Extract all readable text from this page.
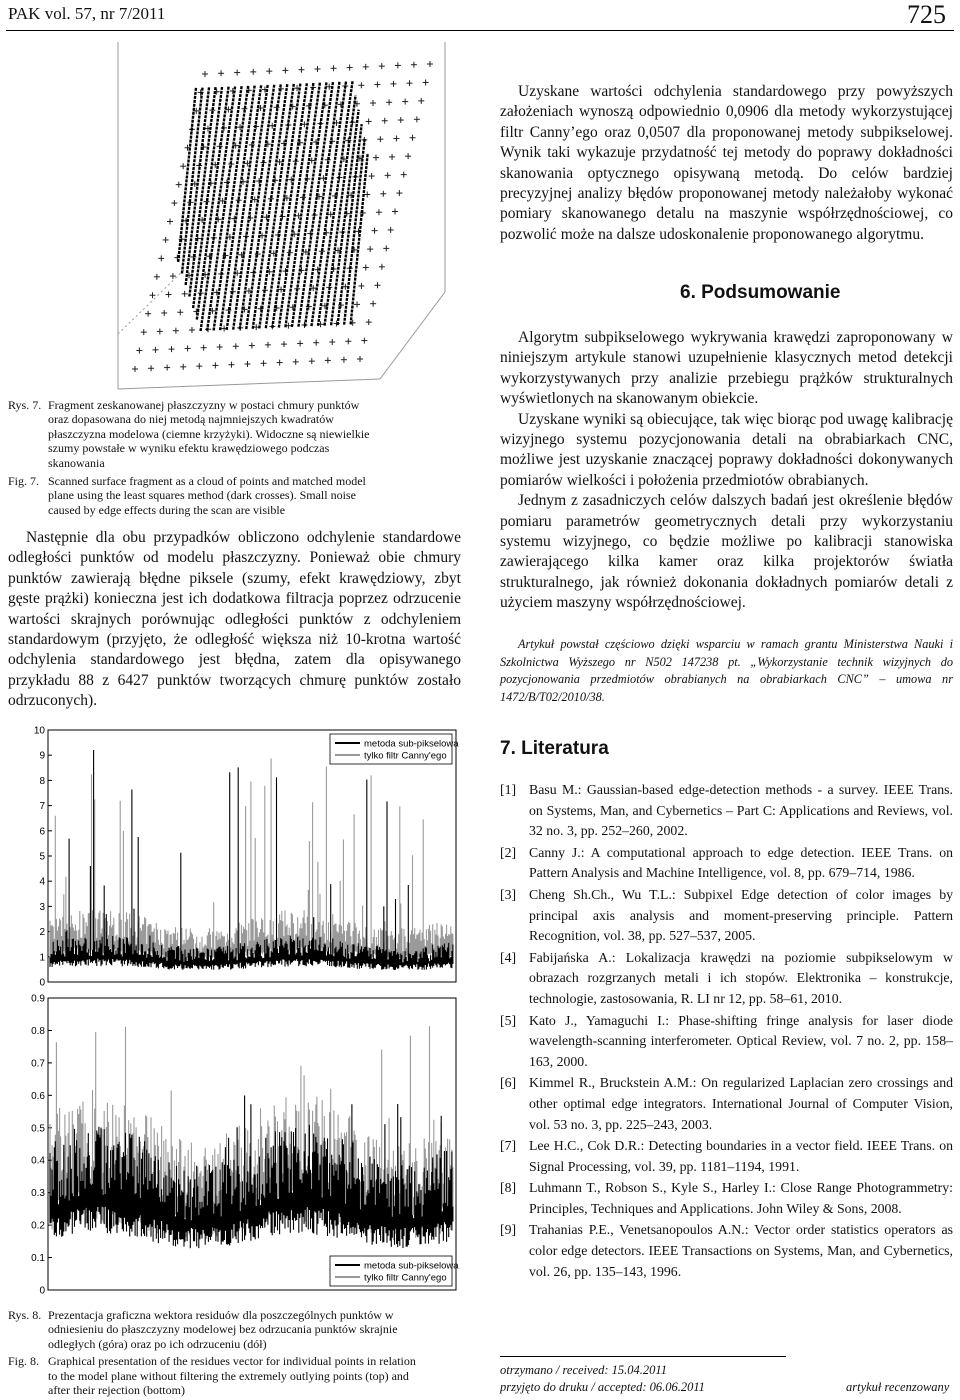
PAK vol. 57, nr 7/2011	725
Rys. 7. Fragment zeskanowanej płaszczyzny w postaci chmury punktów oraz dopasowana do niej metodą najmniejszych kwadratów płaszczyzna modelowa (ciemne krzyżyki). Widoczne są niewielkie szumy powstałe w wyniku efektu krawędziowego podczas skanowania
Fig. 7. Scanned surface fragment as a cloud of points and matched model plane using the least squares method (dark crosses). Small noise caused by edge effects during the scan are visible

Następnie dla obu przypadków obliczono odchylenie standardowe odległości punktów od modelu płaszczyzny. Ponieważ obie chmury punktów zawierają błędne piksele (szumy, efekt krawędziowy, zbyt gęste prążki) konieczna jest ich dodatkowa filtracja poprzez odrzucenie wartości skrajnych porównując odległości punktów z odchyleniem standardowym (przyjęto, że odległość większa niż 10-krotna wartość odchylenia standardowego jest błędna, zatem dla opisywanego przykładu 88 z 6427 punktów tworzących chmurę punktów zostało odrzuconych).

0
1
2
3
4
5
6
7
8
9
10
metoda sub-pikselowa
tylko filtr Canny'ego
0
0.1
0.2
0.3
0.4
0.5
0.6
0.7
0.8
0.9
metoda sub-pikselowa
tylko filtr Canny'ego
Rys. 8. Prezentacja graficzna wektora residuów dla poszczególnych punktów w odniesieniu do płaszczyzny modelowej bez odrzucania punktów skrajnie odległych (góra) oraz po ich odrzuceniu (dół)
Fig. 8. Graphical presentation of the residues vector for individual points in relation to the model plane without filtering the extremely outlying points (top) and after their rejection (bottom)

Uzyskane wartości odchylenia standardowego przy powyższych założeniach wynoszą odpowiednio 0,0906 dla metody wykorzystującej filtr Canny’ego oraz 0,0507 dla proponowanej metody subpikselowej. Wynik taki wykazuje przydatność tej metody do poprawy dokładności skanowania optycznego opisywaną metodą. Do celów bardziej precyzyjnej analizy błędów proponowanej metody należałoby wykonać pomiary skanowanego detalu na maszynie współrzędnościowej, co pozwolić może na dalsze udoskonalenie proponowanego algorytmu.

6. Podsumowanie

Algorytm subpikselowego wykrywania krawędzi zaproponowany w niniejszym artykule stanowi uzupełnienie klasycznych metod detekcji wykorzystywanych przy analizie przebiegu prążków strukturalnych wyświetlonych na skanowanym obiekcie.

Uzyskane wyniki są obiecujące, tak więc biorąc pod uwagę kalibrację wizyjnego systemu pozycjonowania detali na obrabiarkach CNC, możliwe jest uzyskanie znaczącej poprawy dokładności dokonywanych pomiarów wielkości i położenia przedmiotów obrabianych.

Jednym z zasadniczych celów dalszych badań jest określenie błędów pomiaru parametrów geometrycznych detali przy wykorzystaniu systemu wizyjnego, co będzie możliwe po kalibracji stanowiska zawierającego kilka kamer oraz kilka projektorów światła strukturalnego, jak również dokonania dokładnych pomiarów detali z użyciem maszyny współrzędnościowej.

Artykuł powstał częściowo dzięki wsparciu w ramach grantu Ministerstwa Nauki i Szkolnictwa Wyższego nr N502 147238 pt. „Wykorzystanie technik wizyjnych do pozycjonowania przedmiotów obrabianych na obrabiarkach CNC” – umowa nr 1472/B/T02/2010/38.
7. Literatura
[1] Basu M.: Gaussian-based edge-detection methods - a survey. IEEE Trans. on Systems, Man, and Cybernetics – Part C: Applications and Reviews, vol. 32 no. 3, pp. 252–260, 2002.
[2] Canny J.: A computational approach to edge detection. IEEE Trans. on Pattern Analysis and Machine Intelligence, vol. 8, pp. 679–714, 1986.
[3] Cheng Sh.Ch., Wu T.L.: Subpixel Edge detection of color images by principal axis analysis and moment-preserving principle. Pattern Recognition, vol. 38, pp. 527–537, 2005.
[4] Fabijańska A.: Lokalizacja krawędzi na poziomie subpikselowym w obrazach rozgrzanych metali i ich stopów. Elektronika – konstrukcje, technologie, zastosowania, R. LI nr 12, pp. 58–61, 2010.
[5] Kato J., Yamaguchi I.: Phase-shifting fringe analysis for laser diode wavelength-scanning interferometer. Optical Review, vol. 7 no. 2, pp. 158–163, 2000.
[6] Kimmel R., Bruckstein A.M.: On regularized Laplacian zero crossings and other optimal edge integrators. International Journal of Computer Vision, vol. 53 no. 3, pp. 225–243, 2003.
[7] Lee H.C., Cok D.R.: Detecting boundaries in a vector field. IEEE Trans. on Signal Processing, vol. 39, pp. 1181–1194, 1991.
[8] Luhmann T., Robson S., Kyle S., Harley I.: Close Range Photogrammetry: Principles, Techniques and Applications. John Wiley & Sons, 2008.
[9] Trahanias P.E., Venetsanopoulos A.N.: Vector order statistics operators as color edge detectors. IEEE Transactions on Systems, Man, and Cybernetics, vol. 26, pp. 135–143, 1996.
otrzymano / received: 15.04.2011
przyjęto do druku / accepted: 06.06.2011	artykuł recenzowany
